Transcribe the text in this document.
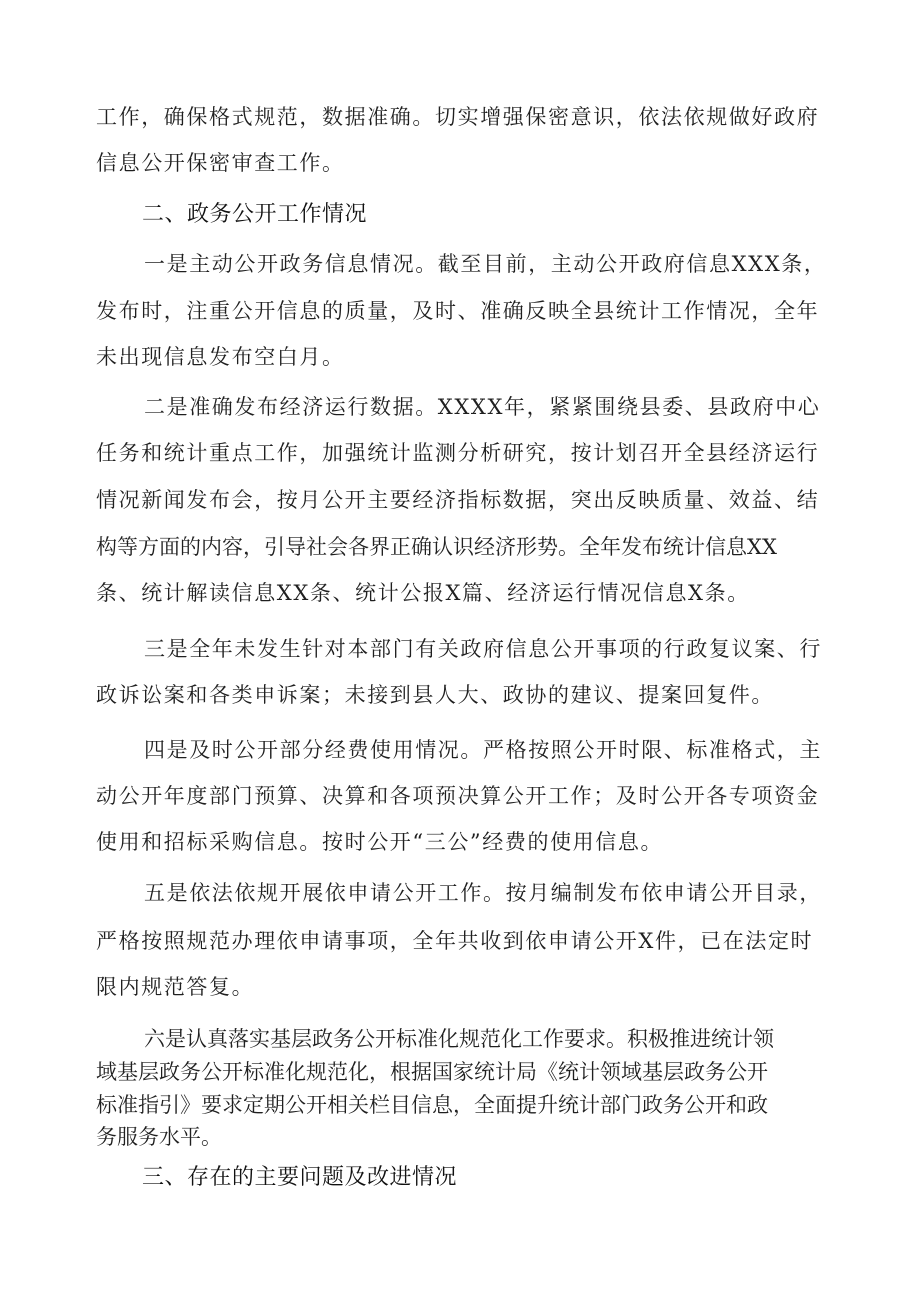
工作，确保格式规范，数据准确。切实增强保密意识，依法依规做好政府

信息公开保密审查工作。

二、政务公开工作情况

一是主动公开政务信息情况。截至目前，主动公开政府信息XXX条，

发布时，注重公开信息的质量，及时、准确反映全县统计工作情况，全年

未出现信息发布空白月。

二是准确发布经济运行数据。XXXX年，紧紧围绕县委、县政府中心

任务和统计重点工作，加强统计监测分析研究，按计划召开全县经济运行

情况新闻发布会，按月公开主要经济指标数据，突出反映质量、效益、结

构等方面的内容，引导社会各界正确认识经济形势。全年发布统计信息XX

条、统计解读信息XX条、统计公报X篇、经济运行情况信息X条。

三是全年未发生针对本部门有关政府信息公开事项的行政复议案、行

政诉讼案和各类申诉案；未接到县人大、政协的建议、提案回复件。

四是及时公开部分经费使用情况。严格按照公开时限、标准格式，主

动公开年度部门预算、决算和各项预决算公开工作；及时公开各专项资金

使用和招标采购信息。按时公开“三公”经费的使用信息。

五是依法依规开展依申请公开工作。按月编制发布依申请公开目录，

严格按照规范办理依申请事项，全年共收到依申请公开X件，已在法定时

限内规范答复。

六是认真落实基层政务公开标准化规范化工作要求。积极推进统计领

域基层政务公开标准化规范化，根据国家统计局《统计领域基层政务公开

标准指引》要求定期公开相关栏目信息，全面提升统计部门政务公开和政

务服务水平。

三、存在的主要问题及改进情况
